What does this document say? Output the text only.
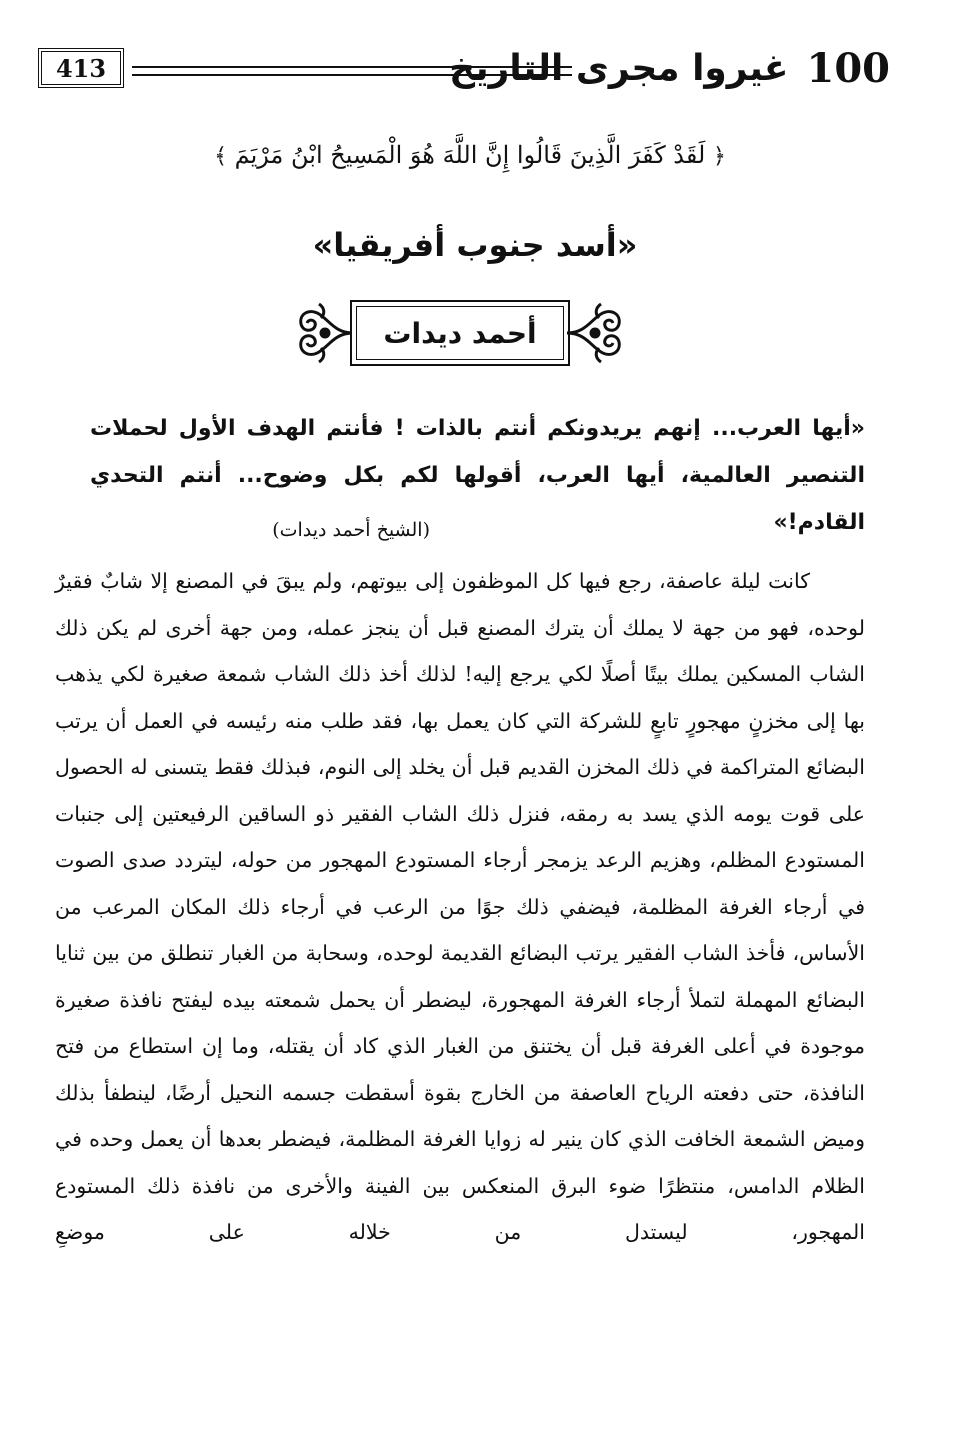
413	100
غيروا مجرى التاريخ
﴿ لَقَدْ كَفَرَ الَّذِينَ قَالُوا إِنَّ اللَّهَ هُوَ الْمَسِيحُ ابْنُ مَرْيَمَ ﴾
«أسد جنوب أفريقيا»
أحمد ديدات
«أيها العرب... إنهم يريدونكم أنتم بالذات ! فأنتم الهدف الأول لحملات التنصير العالمية، أيها العرب، أقولها لكم بكل وضوح... أنتم التحدي القادم!»
(الشيخ أحمد ديدات)

كانت ليلة عاصفة، رجع فيها كل الموظفون إلى بيوتهم، ولم يبقَ في المصنع إلا شابٌ فقيرٌ لوحده، فهو من جهة لا يملك أن يترك المصنع قبل أن ينجز عمله، ومن جهة أخرى لم يكن ذلك الشاب المسكين يملك بيتًا أصلًا لكي يرجع إليه! لذلك أخذ ذلك الشاب شمعة صغيرة لكي يذهب بها إلى مخزنٍ مهجورٍ تابعٍ للشركة التي كان يعمل بها، فقد طلب منه رئيسه في العمل أن يرتب البضائع المتراكمة في ذلك المخزن القديم قبل أن يخلد إلى النوم، فبذلك فقط يتسنى له الحصول على قوت يومه الذي يسد به رمقه، فنزل ذلك الشاب الفقير ذو الساقين الرفيعتين إلى جنبات المستودع المظلم، وهزيم الرعد يزمجر أرجاء المستودع المهجور من حوله، ليتردد صدى الصوت في أرجاء الغرفة المظلمة، فيضفي ذلك جوًا من الرعب في أرجاء ذلك المكان المرعب من الأساس، فأخذ الشاب الفقير يرتب البضائع القديمة لوحده، وسحابة من الغبار تنطلق من بين ثنايا البضائع المهملة لتملأ أرجاء الغرفة المهجورة، ليضطر أن يحمل شمعته بيده ليفتح نافذة صغيرة موجودة في أعلى الغرفة قبل أن يختنق من الغبار الذي كاد أن يقتله، وما إن استطاع من فتح النافذة، حتى دفعته الرياح العاصفة من الخارج بقوة أسقطت جسمه النحيل أرضًا، لينطفأ بذلك وميض الشمعة الخافت الذي كان ينير له زوايا الغرفة المظلمة، فيضطر بعدها أن يعمل وحده في الظلام الدامس، منتظرًا ضوء البرق المنعكس بين الفينة والأخرى من نافذة ذلك المستودع المهجور، ليستدل من خلاله على موضعِ
